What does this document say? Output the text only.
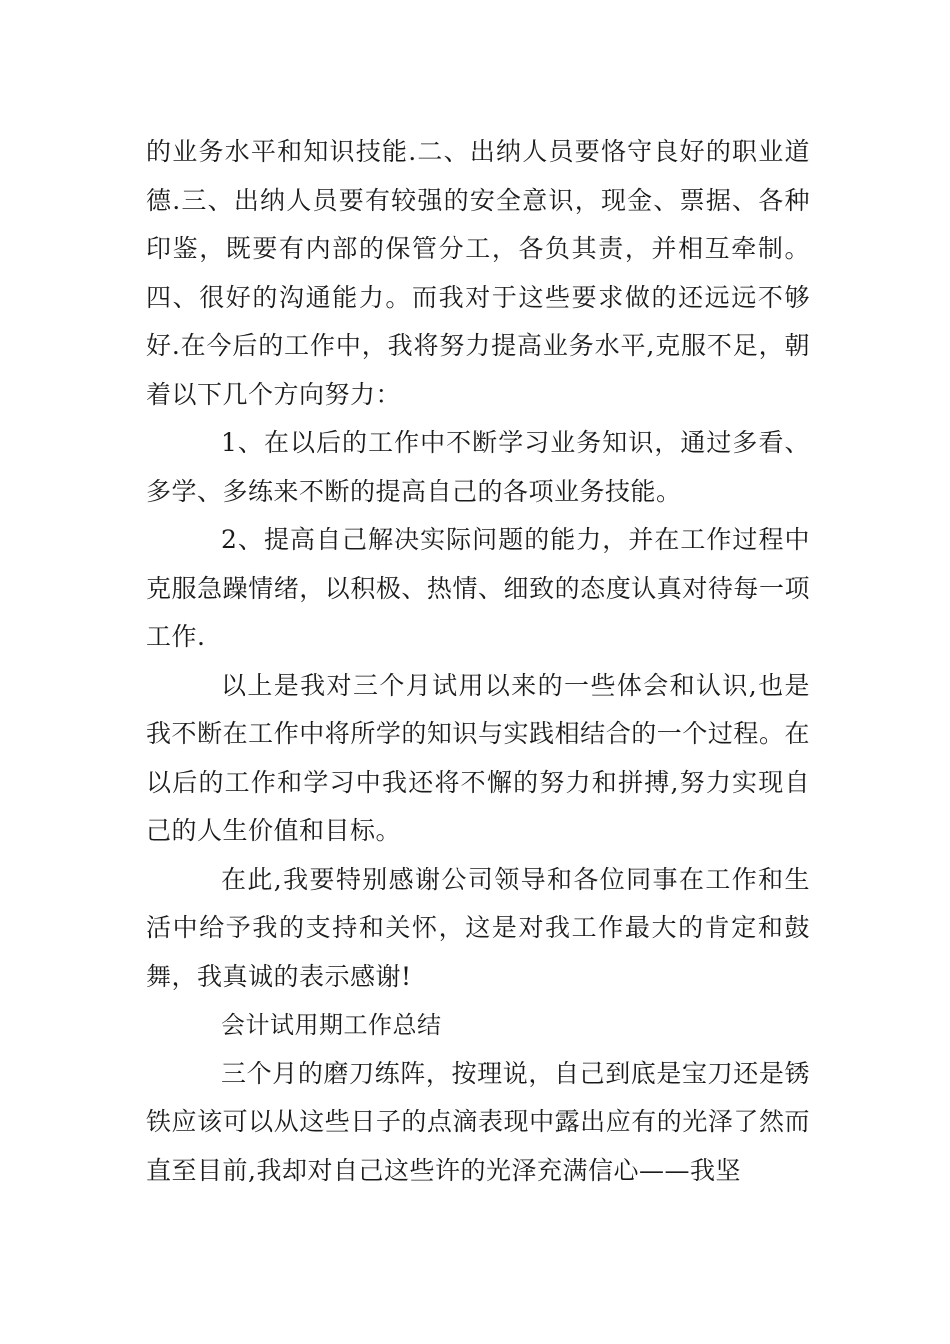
的业务水平和知识技能.二、出纳人员要恪守良好的职业道德.三、出纳人员要有较强的安全意识，现金、票据、各种印鉴，既要有内部的保管分工，各负其责，并相互牵制。四、很好的沟通能力。而我对于这些要求做的还远远不够好.在今后的工作中，我将努力提高业务水平,克服不足，朝着以下几个方向努力：

1、在以后的工作中不断学习业务知识，通过多看、多学、多练来不断的提高自己的各项业务技能。

2、提高自己解决实际问题的能力，并在工作过程中克服急躁情绪，以积极、热情、细致的态度认真对待每一项工作.

以上是我对三个月试用以来的一些体会和认识,也是我不断在工作中将所学的知识与实践相结合的一个过程。在以后的工作和学习中我还将不懈的努力和拼搏,努力实现自己的人生价值和目标。

在此,我要特别感谢公司领导和各位同事在工作和生活中给予我的支持和关怀，这是对我工作最大的肯定和鼓舞，我真诚的表示感谢!

会计试用期工作总结

三个月的磨刀练阵，按理说，自己到底是宝刀还是锈铁应该可以从这些日子的点滴表现中露出应有的光泽了然而直至目前,我却对自己这些许的光泽充满信心——我坚
